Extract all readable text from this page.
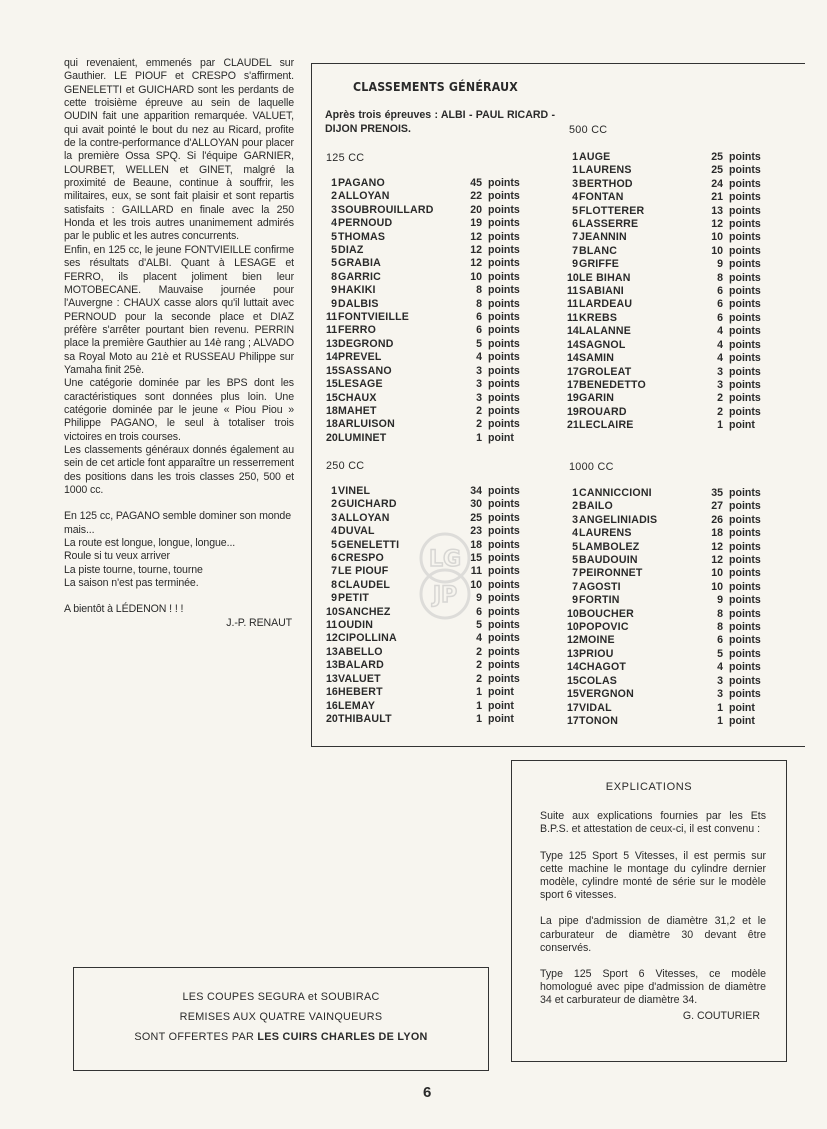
qui revenaient, emmenés par CLAUDEL sur Gauthier. LE PIOUF et CRESPO s'affirment. GENELETTI et GUICHARD sont les perdants de cette troisième épreuve au sein de laquelle OUDIN fait une apparition remarquée. VALUET, qui avait pointé le bout du nez au Ricard, profite de la contre-performance d'ALLOYAN pour placer la première Ossa SPQ. Si l'équipe GARNIER, LOURBET, WELLEN et GINET, malgré la proximité de Beaune, continue à souffrir, les militaires, eux, se sont fait plaisir et sont repartis satisfaits : GAILLARD en finale avec la 250 Honda et les trois autres unanimement admirés par le public et les autres concurrents.

Enfin, en 125 cc, le jeune FONTVIEILLE confirme ses résultats d'ALBI. Quant à LESAGE et FERRO, ils placent joliment bien leur MOTOBECANE. Mauvaise journée pour l'Auvergne : CHAUX casse alors qu'il luttait avec PERNOUD pour la seconde place et DIAZ préfère s'arrêter pourtant bien revenu. PERRIN place la première Gauthier au 14è rang ; ALVADO sa Royal Moto au 21è et RUSSEAU Philippe sur Yamaha finit 25è.

Une catégorie dominée par les BPS dont les caractéristiques sont données plus loin. Une catégorie dominée par le jeune « Piou Piou » Philippe PAGANO, le seul à totaliser trois victoires en trois courses.

Les classements généraux donnés également au sein de cet article font apparaître un resserrement des positions dans les trois classes 250, 500 et 1000 cc.

En 125 cc, PAGANO semble dominer son monde mais...

La route est longue, longue, longue...

Roule si tu veux arriver

La piste tourne, tourne, tourne

La saison n'est pas terminée.

A bientôt à LÉDENON ! ! !

J.-P. RENAUT

CLASSEMENTS GÉNÉRAUX
Après trois épreuves : ALBI - PAUL RICARD - DIJON PRENOIS.
125 CC
1 PAGANO	45 points
2 ALLOYAN	22 points
3 SOUBROUILLARD	20 points
4 PERNOUD	19 points
5 THOMAS	12 points
5 DIAZ	12 points
5 GRABIA	12 points
8 GARRIC	10 points
9 HAKIKI	8 points
9 DALBIS	8 points
11 FONTVIEILLE	6 points
11 FERRO	6 points
13 DEGROND	5 points
14 PREVEL	4 points
15 SASSANO	3 points
15 LESAGE	3 points
15 CHAUX	3 points
18 MAHET	2 points
18 ARLUISON	2 points
20 LUMINET	1 point
250 CC
1 VINEL	34 points
2 GUICHARD	30 points
3 ALLOYAN	25 points
4 DUVAL	23 points
5 GENELETTI	18 points
6 CRESPO	15 points
7 LE PIOUF	11 points
8 CLAUDEL	10 points
9 PETIT	9 points
10 SANCHEZ	6 points
11 OUDIN	5 points
12 CIPOLLINA	4 points
13 ABELLO	2 points
13 BALARD	2 points
13 VALUET	2 points
16 HEBERT	1 point
16 LEMAY	1 point
20 THIBAULT	1 point
500 CC
1 AUGE	25 points
1 LAURENS	25 points
3 BERTHOD	24 points
4 FONTAN	21 points
5 FLOTTERER	13 points
6 LASSERRE	12 points
7 JEANNIN	10 points
7 BLANC	10 points
9 GRIFFE	9 points
10 LE BIHAN	8 points
11 SABIANI	6 points
11 LARDEAU	6 points
11 KREBS	6 points
14 LALANNE	4 points
14 SAGNOL	4 points
14 SAMIN	4 points
17 GROLEAT	3 points
17 BENEDETTO	3 points
19 GARIN	2 points
19 ROUARD	2 points
21 LECLAIRE	1 point
1000 CC
1 CANNICCIONI	35 points
2 BAILO	27 points
3 ANGELINIADIS	26 points
4 LAURENS	18 points
5 LAMBOLEZ	12 points
5 BAUDOUIN	12 points
7 PEIRONNET	10 points
7 AGOSTI	10 points
9 FORTIN	9 points
10 BOUCHER	8 points
10 POPOVIC	8 points
12 MOINE	6 points
13 PRIOU	5 points
14 CHAGOT	4 points
15 COLAS	3 points
15 VERGNON	3 points
17 VIDAL	1 point
17 TONON	1 point
LG
JP
EXPLICATIONS

Suite aux explications fournies par les Ets B.P.S. et attestation de ceux-ci, il est convenu :

Type 125 Sport 5 Vitesses, il est permis sur cette machine le montage du cylindre dernier modèle, cylindre monté de série sur le modèle sport 6 vitesses.

La pipe d'admission de diamètre 31,2 et le carburateur de diamètre 30 devant être conservés.

Type 125 Sport 6 Vitesses, ce modèle homologué avec pipe d'admission de diamètre 34 et carburateur de diamètre 34.

G. COUTURIER
LES COUPES SEGURA et SOUBIRAC
REMISES AUX QUATRE VAINQUEURS
SONT OFFERTES PAR LES CUIRS CHARLES DE LYON
6
